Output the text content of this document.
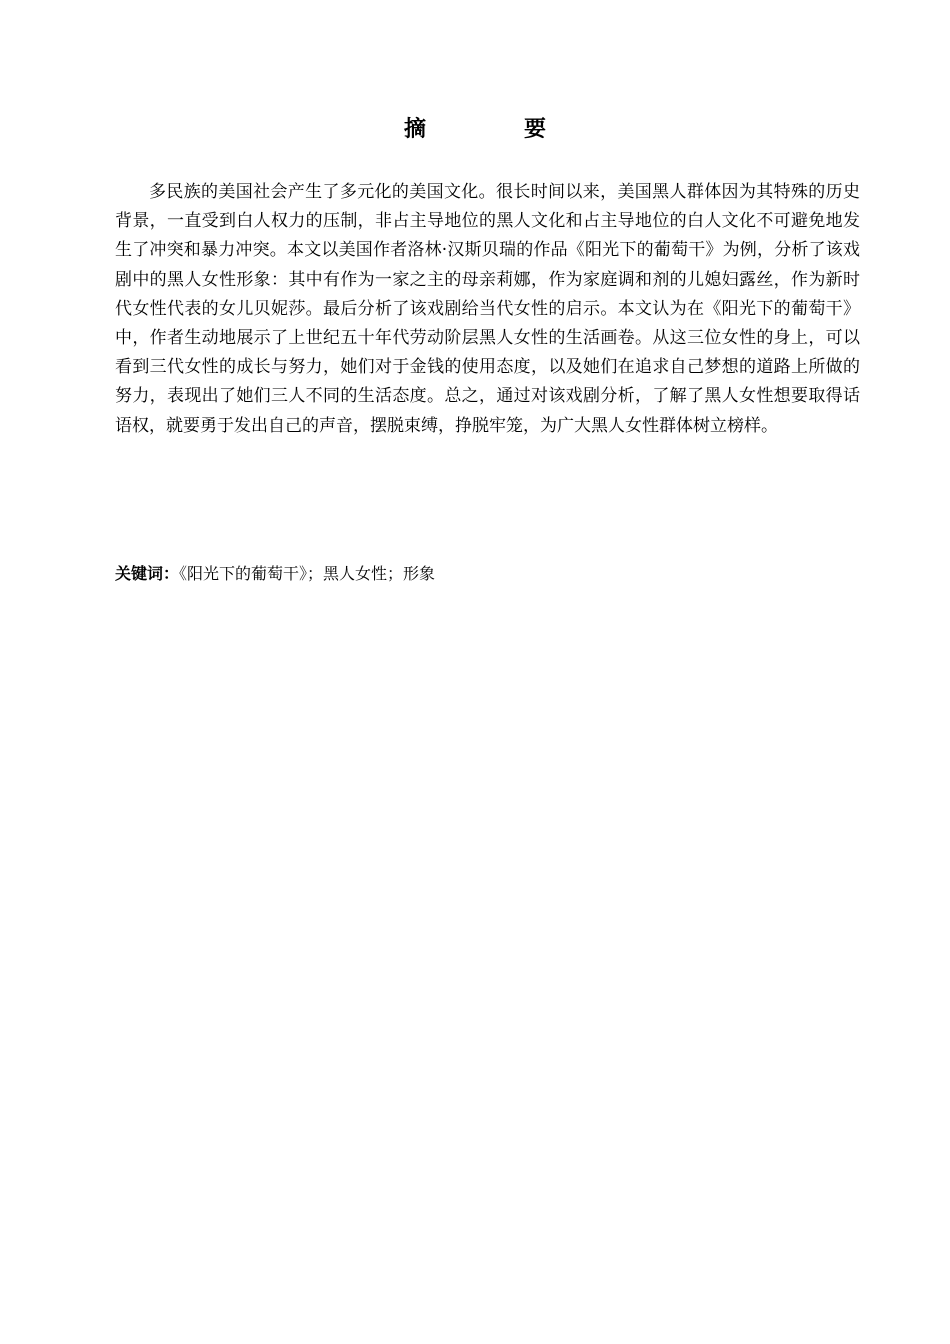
摘　要

多民族的美国社会产生了多元化的美国文化。很长时间以来，美国黑人群体因为其特殊的历史背景，一直受到白人权力的压制，非占主导地位的黑人文化和占主导地位的白人文化不可避免地发生了冲突和暴力冲突。本文以美国作者洛林·汉斯贝瑞的作品《阳光下的葡萄干》为例，分析了该戏剧中的黑人女性形象：其中有作为一家之主的母亲莉娜，作为家庭调和剂的儿媳妇露丝，作为新时代女性代表的女儿贝妮莎。最后分析了该戏剧给当代女性的启示。本文认为在《阳光下的葡萄干》中，作者生动地展示了上世纪五十年代劳动阶层黑人女性的生活画卷。从这三位女性的身上，可以看到三代女性的成长与努力，她们对于金钱的使用态度，以及她们在追求自己梦想的道路上所做的努力，表现出了她们三人不同的生活态度。总之，通过对该戏剧分析，了解了黑人女性想要取得话语权，就要勇于发出自己的声音，摆脱束缚，挣脱牢笼，为广大黑人女性群体树立榜样。

关键词：《阳光下的葡萄干》；黑人女性；形象
